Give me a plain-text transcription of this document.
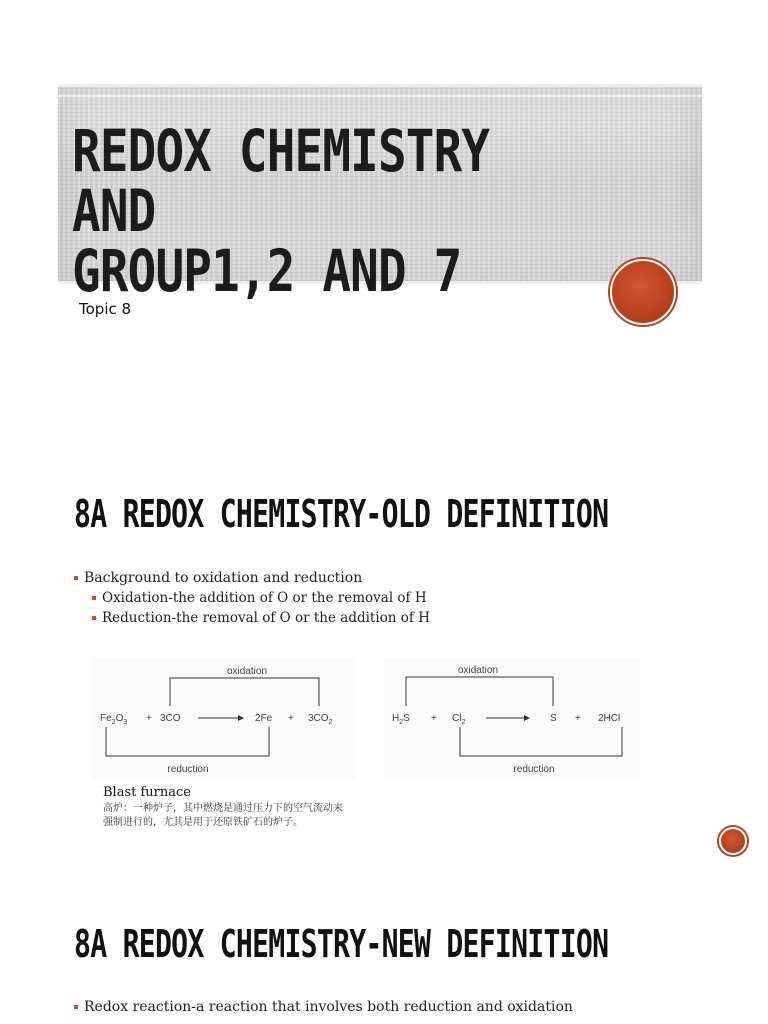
REDOX CHEMISTRY AND
GROUP1,2 AND 7
Topic 8
8A REDOX CHEMISTRY-OLD DEFINITION
Background to oxidation and reduction
Oxidation-the addition of O or the removal of H
Reduction-the removal of O or the addition of H
oxidation
reduction
$Fe_2O_3 + 3CO$	$2Fe + 3CO_2$
oxidation
reduction
$H_2S + Cl_2$	S + 2HCl
Blast furnace
高炉：一种炉子，其中燃烧是通过压力下的空气流动来强制进行的，尤其是用于还原铁矿石的炉子。
8A REDOX CHEMISTRY-NEW DEFINITION
Redox reaction-a reaction that involves both reduction and oxidation
